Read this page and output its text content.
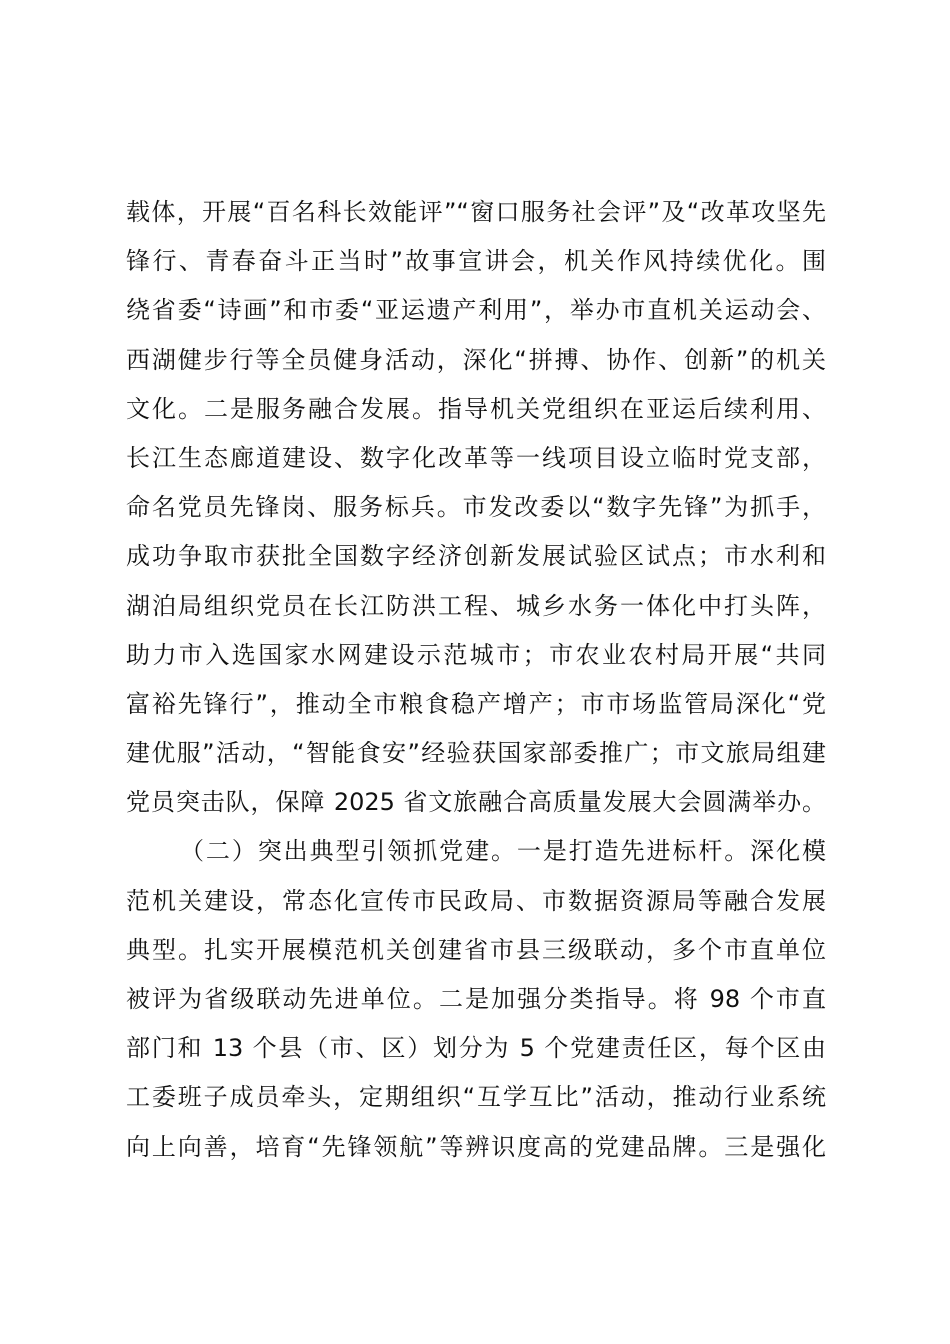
载体，开展“百名科长效能评”“窗口服务社会评”及“改革攻坚先
锋行、青春奋斗正当时”故事宣讲会，机关作风持续优化。围
绕省委“诗画”和市委“亚运遗产利用”，举办市直机关运动会、
西湖健步行等全员健身活动，深化“拼搏、协作、创新”的机关
文化。二是服务融合发展。指导机关党组织在亚运后续利用、
长江生态廊道建设、数字化改革等一线项目设立临时党支部，
命名党员先锋岗、服务标兵。市发改委以“数字先锋”为抓手，
成功争取市获批全国数字经济创新发展试验区试点；市水利和
湖泊局组织党员在长江防洪工程、城乡水务一体化中打头阵，
助力市入选国家水网建设示范城市；市农业农村局开展“共同
富裕先锋行”，推动全市粮食稳产增产；市市场监管局深化“党
建优服”活动，“智能食安”经验获国家部委推广；市文旅局组建
党员突击队，保障 2025 省文旅融合高质量发展大会圆满举办。
（二）突出典型引领抓党建。一是打造先进标杆。深化模
范机关建设，常态化宣传市民政局、市数据资源局等融合发展
典型。扎实开展模范机关创建省市县三级联动，多个市直单位
被评为省级联动先进单位。二是加强分类指导。将 98 个市直
部门和 13 个县（市、区）划分为 5 个党建责任区，每个区由
工委班子成员牵头，定期组织“互学互比”活动，推动行业系统
向上向善，培育“先锋领航”等辨识度高的党建品牌。三是强化
